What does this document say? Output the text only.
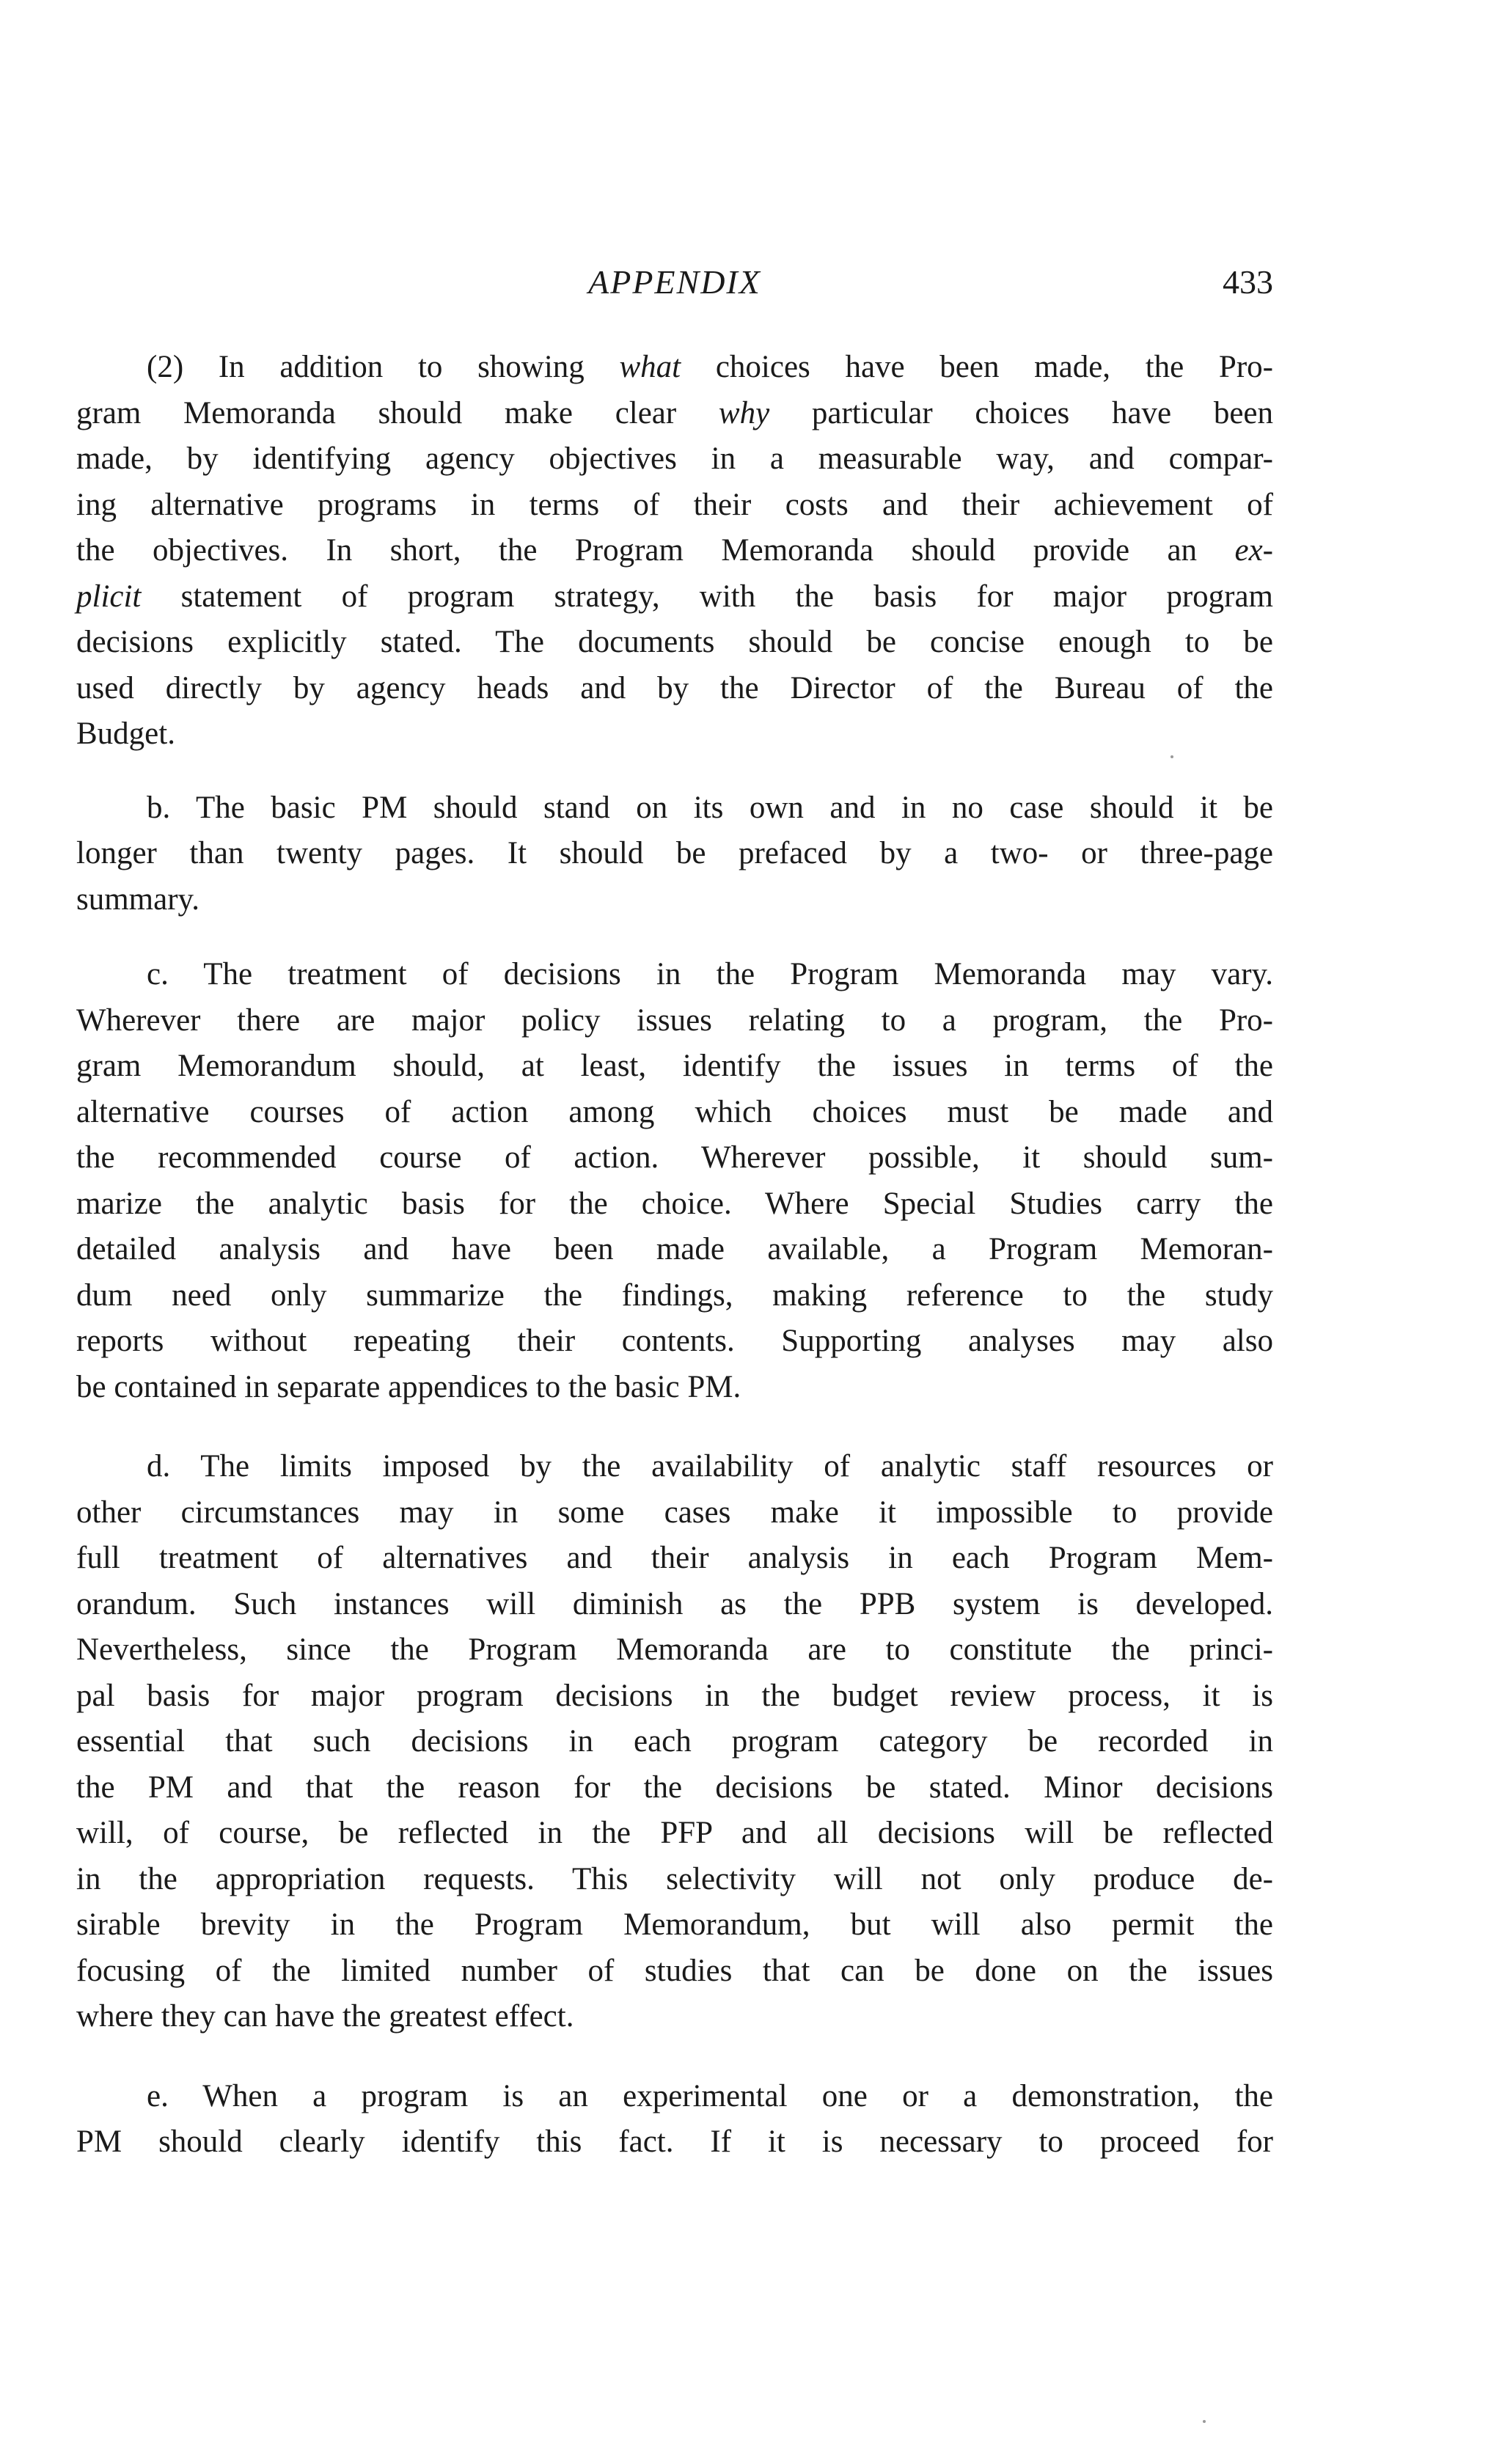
APPENDIX	433
(2) In addition to showing what choices have been made, the Pro-
gram Memoranda should make clear why particular choices have been
made, by identifying agency objectives in a measurable way, and compar-
ing alternative programs in terms of their costs and their achievement of
the objectives. In short, the Program Memoranda should provide an ex-
plicit statement of program strategy, with the basis for major program
decisions explicitly stated. The documents should be concise enough to be
used directly by agency heads and by the Director of the Bureau of the
Budget.
b. The basic PM should stand on its own and in no case should it be
longer than twenty pages. It should be prefaced by a two- or three-page
summary.
c. The treatment of decisions in the Program Memoranda may vary.
Wherever there are major policy issues relating to a program, the Pro-
gram Memorandum should, at least, identify the issues in terms of the
alternative courses of action among which choices must be made and
the recommended course of action. Wherever possible, it should sum-
marize the analytic basis for the choice. Where Special Studies carry the
detailed analysis and have been made available, a Program Memoran-
dum need only summarize the findings, making reference to the study
reports without repeating their contents. Supporting analyses may also
be contained in separate appendices to the basic PM.
d. The limits imposed by the availability of analytic staff resources or
other circumstances may in some cases make it impossible to provide
full treatment of alternatives and their analysis in each Program Mem-
orandum. Such instances will diminish as the PPB system is developed.
Nevertheless, since the Program Memoranda are to constitute the princi-
pal basis for major program decisions in the budget review process, it is
essential that such decisions in each program category be recorded in
the PM and that the reason for the decisions be stated. Minor decisions
will, of course, be reflected in the PFP and all decisions will be reflected
in the appropriation requests. This selectivity will not only produce de-
sirable brevity in the Program Memorandum, but will also permit the
focusing of the limited number of studies that can be done on the issues
where they can have the greatest effect.
e. When a program is an experimental one or a demonstration, the
PM should clearly identify this fact. If it is necessary to proceed for
